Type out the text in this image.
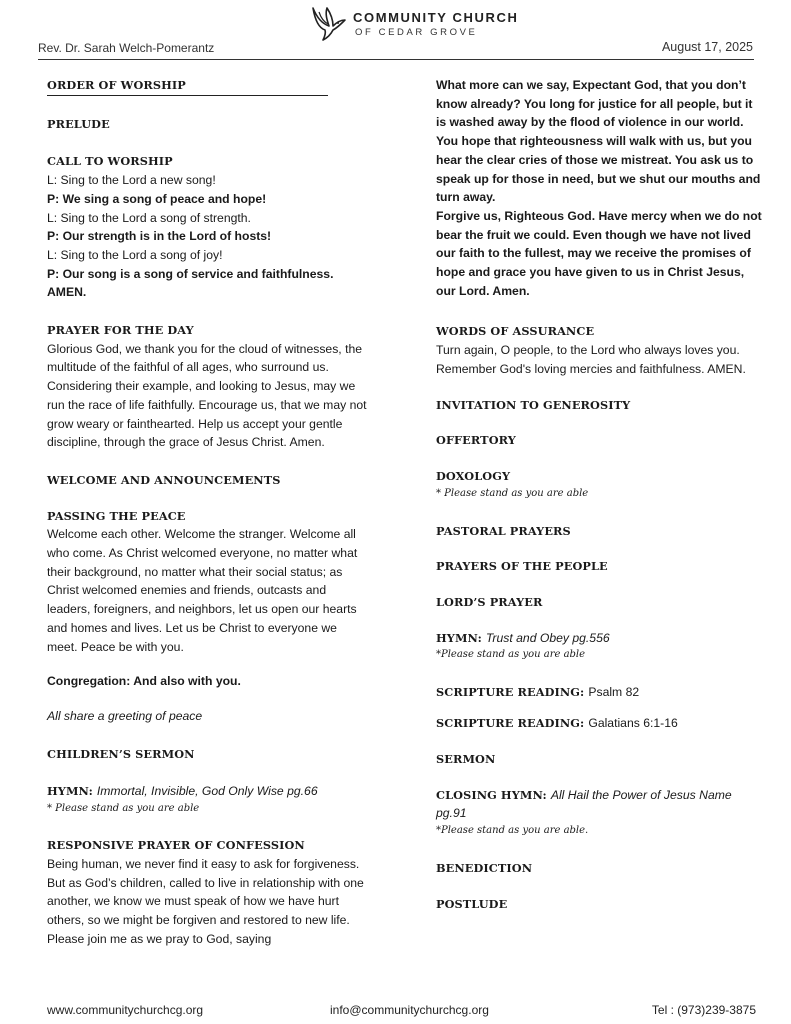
COMMUNITY CHURCH
OF CEDAR GROVE
Rev. Dr. Sarah Welch-Pomerantz	August 17, 2025

ORDER OF WORSHIP

PRELUDE

CALL TO WORSHIP

L: Sing to the Lord a new song!

P: We sing a song of peace and hope!

L: Sing to the Lord a song of strength.

P: Our strength is in the Lord of hosts!

L: Sing to the Lord a song of joy!

P: Our song is a song of service and faithfulness.

AMEN.

PRAYER FOR THE DAY

Glorious God, we thank you for the cloud of witnesses, the multitude of the faithful of all ages, who surround us. Considering their example, and looking to Jesus, may we run the race of life faithfully. Encourage us, that we may not grow weary or fainthearted. Help us accept your gentle discipline, through the grace of Jesus Christ. Amen.

WELCOME AND ANNOUNCEMENTS

PASSING THE PEACE

Welcome each other. Welcome the stranger. Welcome all who come. As Christ welcomed everyone, no matter what their background, no matter what their social status; as Christ welcomed enemies and friends, outcasts and leaders, foreigners, and neighbors, let us open our hearts and homes and lives. Let us be Christ to everyone we meet. Peace be with you.

Congregation: And also with you.

All share a greeting of peace

CHILDREN’S SERMON

HYMN: Immortal, Invisible, God Only Wise pg.66

* Please stand as you are able

RESPONSIVE PRAYER OF CONFESSION

Being human, we never find it easy to ask for forgiveness. But as God’s children, called to live in relationship with one another, we know we must speak of how we have hurt others, so we might be forgiven and restored to new life. Please join me as we pray to God, saying

What more can we say, Expectant God, that you don’t know already? You long for justice for all people, but it is washed away by the flood of violence in our world. You hope that righteousness will walk with us, but you hear the clear cries of those we mistreat. You ask us to speak up for those in need, but we shut our mouths and turn away.

Forgive us, Righteous God. Have mercy when we do not bear the fruit we could. Even though we have not lived our faith to the fullest, may we receive the promises of hope and grace you have given to us in Christ Jesus, our Lord. Amen.

WORDS OF ASSURANCE

Turn again, O people, to the Lord who always loves you. Remember God's loving mercies and faithfulness. AMEN.

INVITATION TO GENEROSITY

OFFERTORY

DOXOLOGY

* Please stand as you are able

PASTORAL PRAYERS

PRAYERS OF THE PEOPLE

LORD’S PRAYER

HYMN: Trust and Obey pg.556

*Please stand as you are able

SCRIPTURE READING: Psalm 82

SCRIPTURE READING: Galatians 6:1-16

SERMON

CLOSING HYMN: All Hail the Power of Jesus Name

pg.91

*Please stand as you are able.

BENEDICTION

POSTLUDE

www.communitychurchcg.org	info@communitychurchcg.org	Tel : (973)239-3875
